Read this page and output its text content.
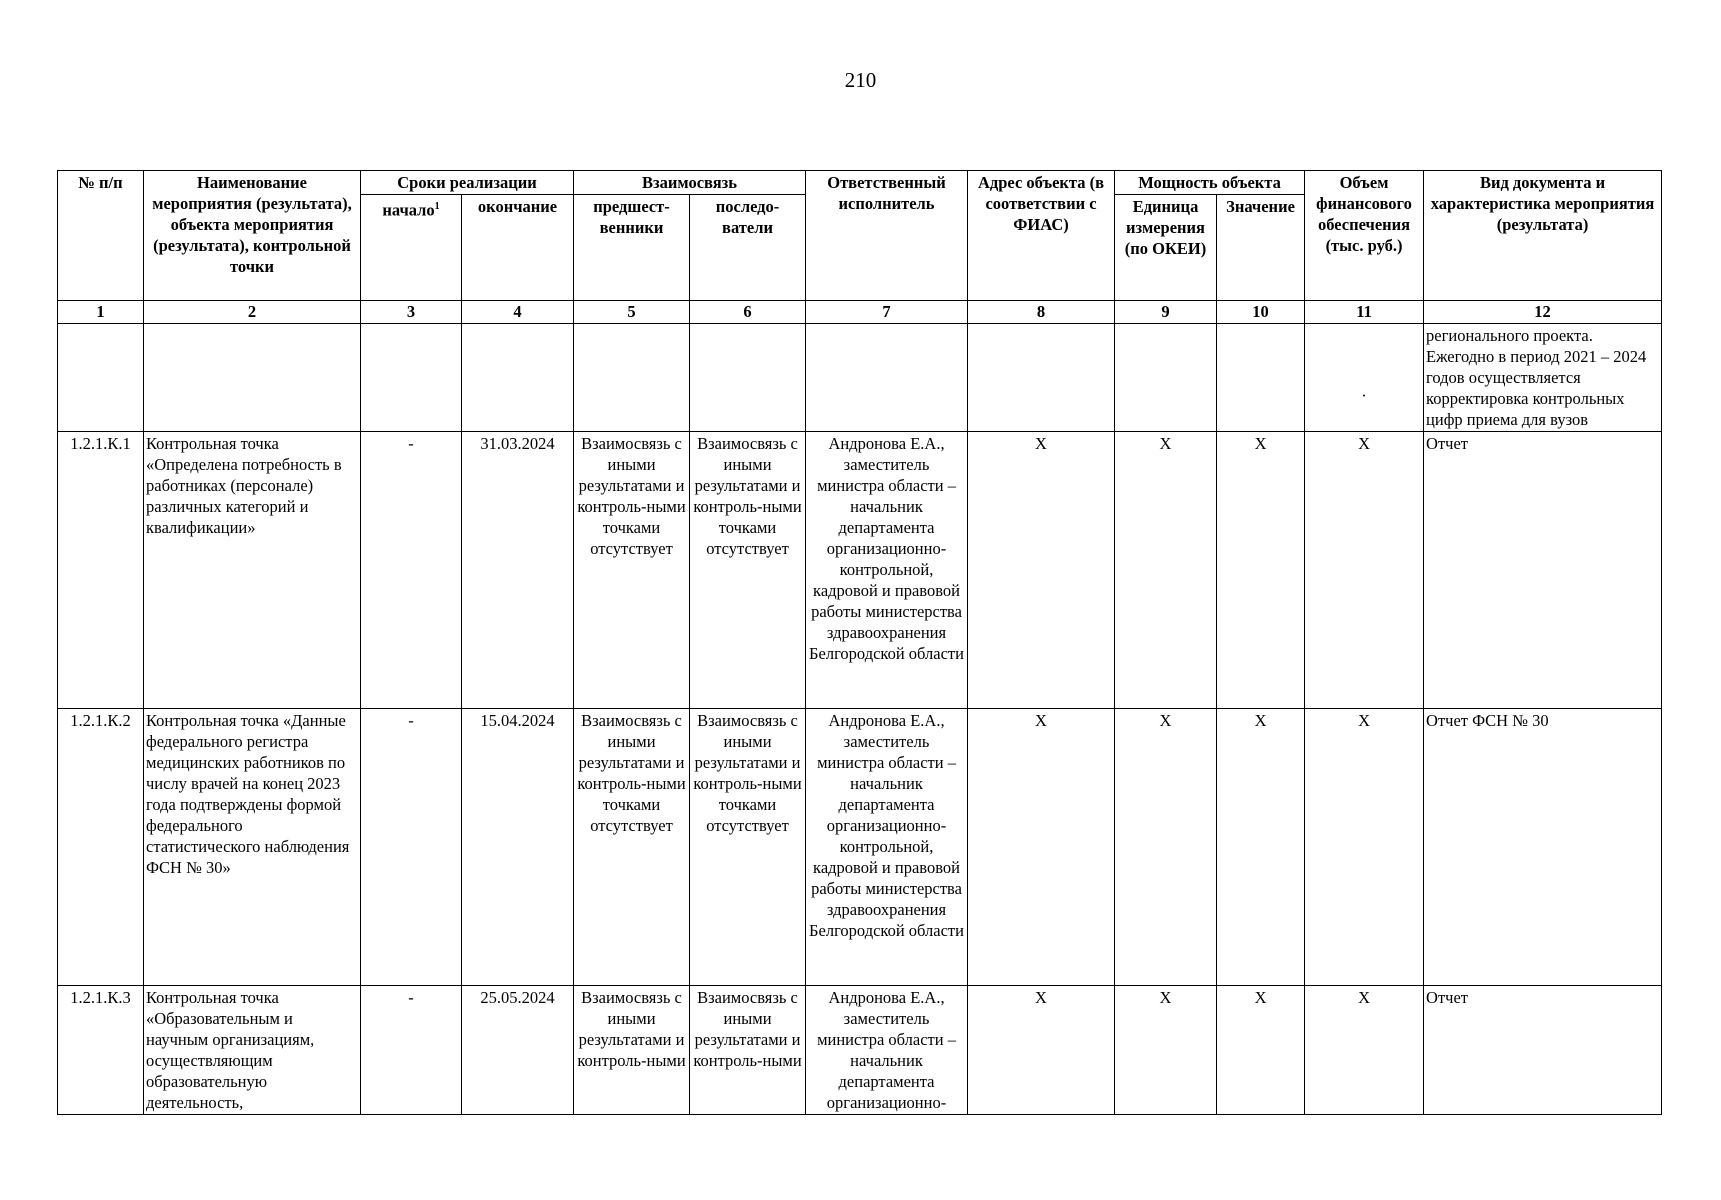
210
№ п/п	Наименование мероприятия (результата), объекта мероприятия (результата), контрольной точки	Сроки реализации		Взаимосвязь		Ответственный исполнитель	Адрес объекта (в соответствии с ФИАС)	Мощность объекта		Объем финансового обеспечения (тыс. руб.)	Вид документа и характеристика мероприятия (результата)
		начало$^1$	окончание	предшест-венники	последо-ватели			Единица измерения (по ОКЕИ)	Значение		
1	2	3	4	5	6	7	8	9	10	11	12

										·	регионального проекта. Ежегодно в период 2021 – 2024 годов осуществляется корректировка контрольных цифр приема для вузов
1.2.1.К.1	Контрольная точка «Определена потребность в работниках (персонале) различных категорий и квалификации»	-	31.03.2024	Взаимосвязь с иными результатами и контроль-ными точками отсутствует	Взаимосвязь с иными результатами и контроль-ными точками отсутствует	Андронова Е.А., заместитель министра области – начальник департамента организационно-контрольной, кадровой и правовой работы министерства здравоохранения Белгородской области	X	X	X	X	Отчет
1.2.1.К.2	Контрольная точка «Данные федерального регистра медицинских работников по числу врачей на конец 2023 года подтверждены формой федерального статистического наблюдения ФСН № 30»	-	15.04.2024	Взаимосвязь с иными результатами и контроль-ными точками отсутствует	Взаимосвязь с иными результатами и контроль-ными точками отсутствует	Андронова Е.А., заместитель министра области – начальник департамента организационно-контрольной, кадровой и правовой работы министерства здравоохранения Белгородской области	X	X	X	X	Отчет ФСН № 30
1.2.1.К.3	Контрольная точка «Образовательным и научным организациям, осуществляющим образовательную деятельность,	-	25.05.2024	Взаимосвязь с иными результатами и контроль-ными	Взаимосвязь с иными результатами и контроль-ными	Андронова Е.А., заместитель министра области – начальник департамента организационно-	X	X	X	X	Отчет
